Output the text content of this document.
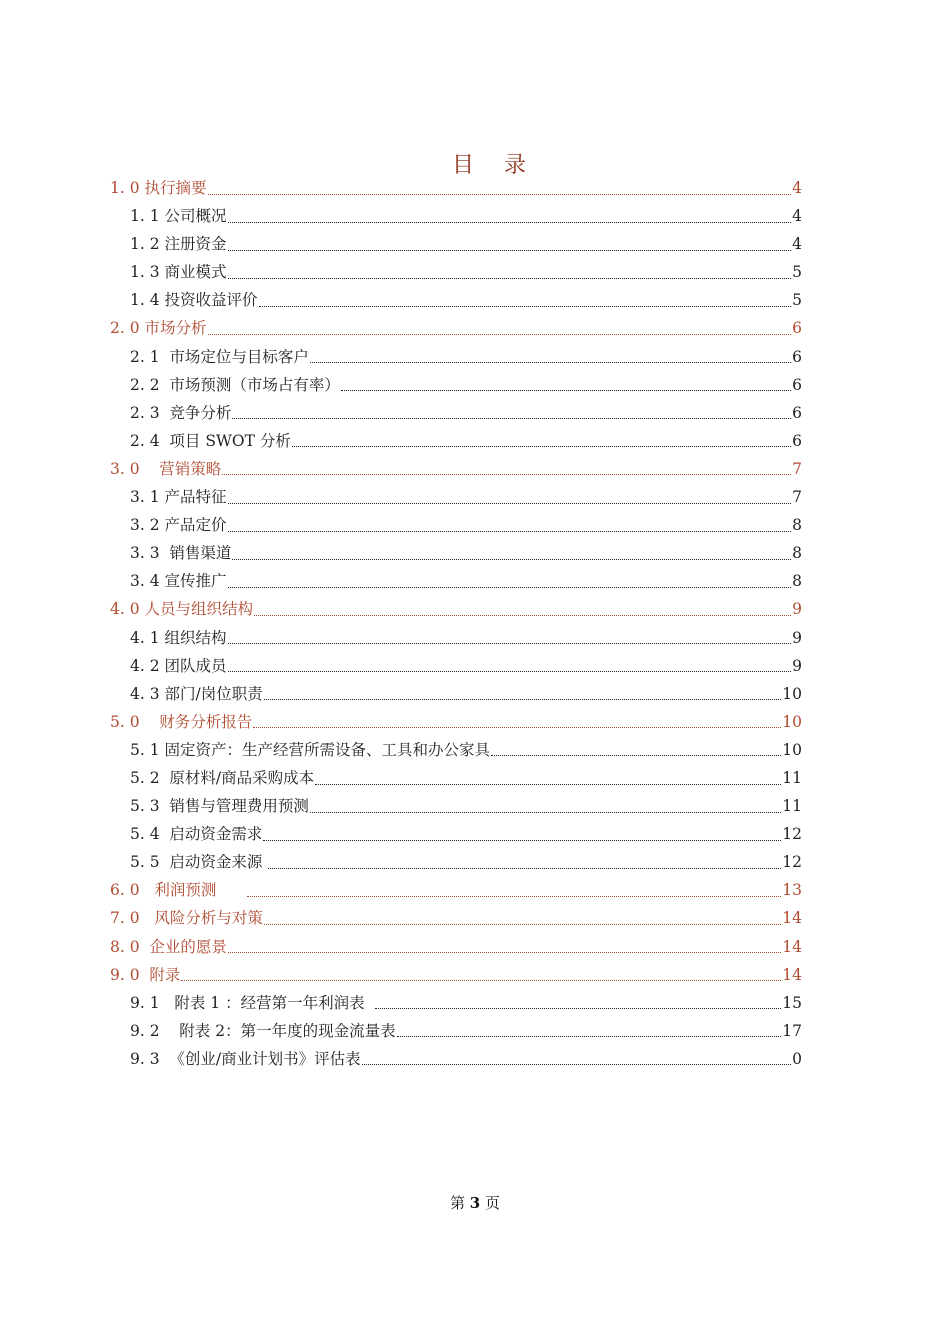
目 录
1. 0 执行摘要	4
1. 1 公司概况	4
1. 2 注册资金	4
1. 3 商业模式	5
1. 4 投资收益评价	5
2. 0 市场分析	6
2. 1  市场定位与目标客户	6
2. 2  市场预测（市场占有率）	6
2. 3  竞争分析	6
2. 4  项目 SWOT 分析	6
3. 0    营销策略	7
3. 1 产品特征	7
3. 2 产品定价	8
3. 3  销售渠道	8
3. 4 宣传推广	8
4. 0 人员与组织结构	9
4. 1 组织结构	9
4. 2 团队成员	9
4. 3 部门/岗位职责	10
5. 0    财务分析报告	10
5. 1 固定资产：生产经营所需设备、工具和办公家具	10
5. 2  原材料/商品采购成本	11
5. 3  销售与管理费用预测	11
5. 4  启动资金需求	12
5. 5  启动资金来源	12
6. 0   利润预测	13
7. 0   风险分析与对策	14
8. 0  企业的愿景	14
9. 0  附录	14
9. 1   附表 1 ：经营第一年利润表	15
9. 2    附表 2：第一年度的现金流量表	17
9. 3  《创业/商业计划书》评估表	0
第 3 页
